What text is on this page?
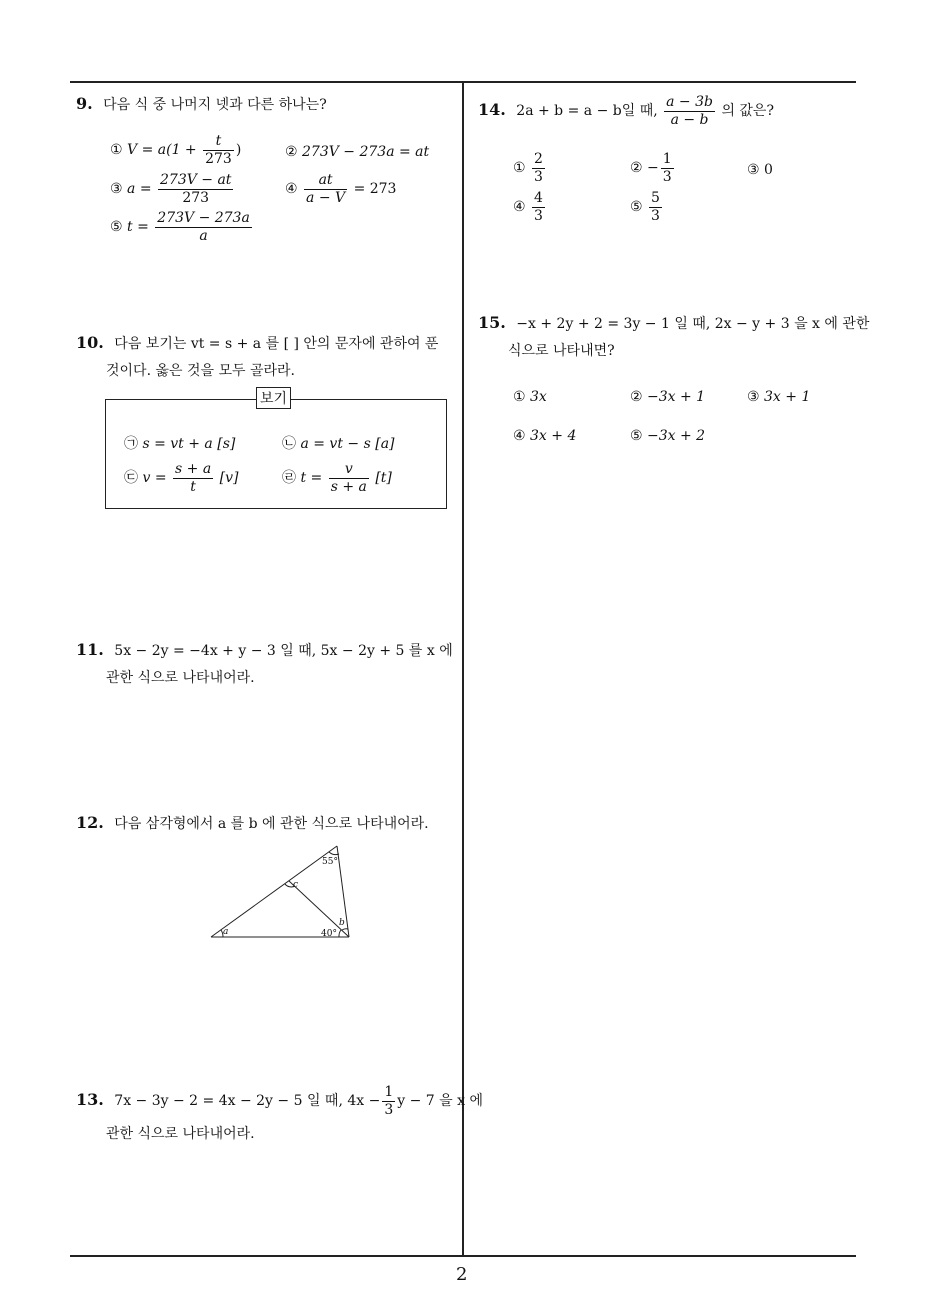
2
9. 다음 식 중 나머지 넷과 다른 하나는?
① $V = a(1 + \frac{t}{273}$ )	② 273V − 273a = at
③ $a = \frac{273V - at}{273}$	④ $\frac{at}{a - V} = 273$
⑤ $t = \frac{273V - 273a}{a}$
10. 다음 보기는 vt = s + a 를 [ ] 안의 문자에 관하여 푼
것이다. 옳은 것을 모두 골라라.
보기
㉠ s = vt + a [s]	㉡ a = vt − s [a]
㉢ $v = \frac{s + a}{t} [v]$	㉣ $t = \frac{v}{s + a} [t]$
11. 5x − 2y = −4x + y − 3 일 때, 5x − 2y + 5 를 x 에
관한 식으로 나타내어라.
12. 다음 삼각형에서 a 를 b 에 관한 식으로 나타내어라.
55°
c
b
a	40°
13. 7x − 3y − 2 = 4x − 2y − 5 일 때, $4x - \frac{1}{3}$ y − 7 을 x 에
관한 식으로 나타내어라.
14. 2a + b = a − b일 때, $\frac{a - 3b}{a - b}$ 의 값은?
① $\frac{2}{3}$	② − $\frac{1}{3}$	③ 0
④ $\frac{4}{3}$	⑤ $\frac{5}{3}$
15. −x + 2y + 2 = 3y − 1 일 때, 2x − y + 3 을 x 에 관한
식으로 나타내면?
① 3x	② −3x + 1	③ 3x + 1
④ 3x + 4	⑤ −3x + 2
